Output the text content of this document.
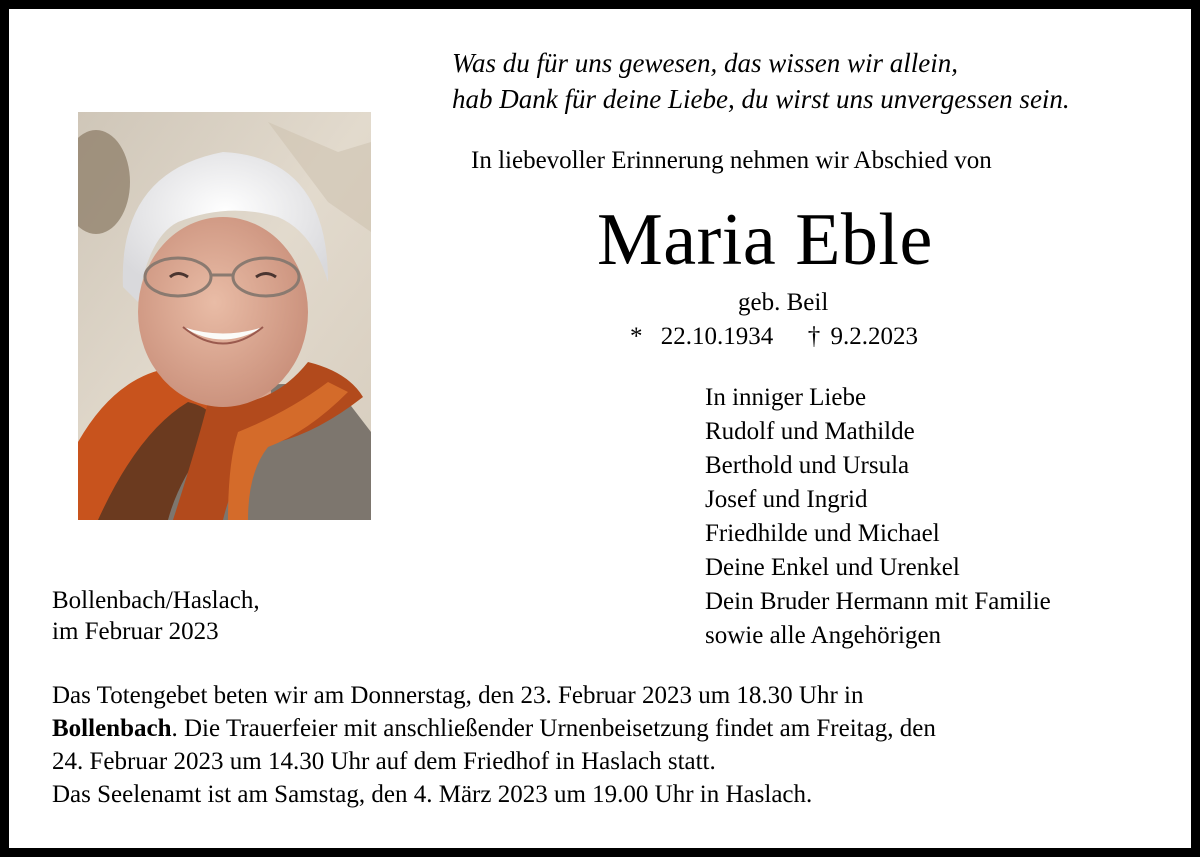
Was du für uns gewesen, das wissen wir allein,
hab Dank für deine Liebe, du wirst uns unvergessen sein.
In liebevoller Erinnerung nehmen wir Abschied von
Maria Eble
geb. Beil
* 22.10.1934 † 9.2.2023
In inniger Liebe
Rudolf und Mathilde
Berthold und Ursula
Josef und Ingrid
Friedhilde und Michael
Deine Enkel und Urenkel
Dein Bruder Hermann mit Familie
sowie alle Angehörigen
Bollenbach/Haslach,
im Februar 2023
Das Totengebet beten wir am Donnerstag, den 23. Februar 2023 um 18.30 Uhr in
Bollenbach. Die Trauerfeier mit anschließender Urnenbeisetzung findet am Freitag, den
24. Februar 2023 um 14.30 Uhr auf dem Friedhof in Haslach statt.
Das Seelenamt ist am Samstag, den 4. März 2023 um 19.00 Uhr in Haslach.
